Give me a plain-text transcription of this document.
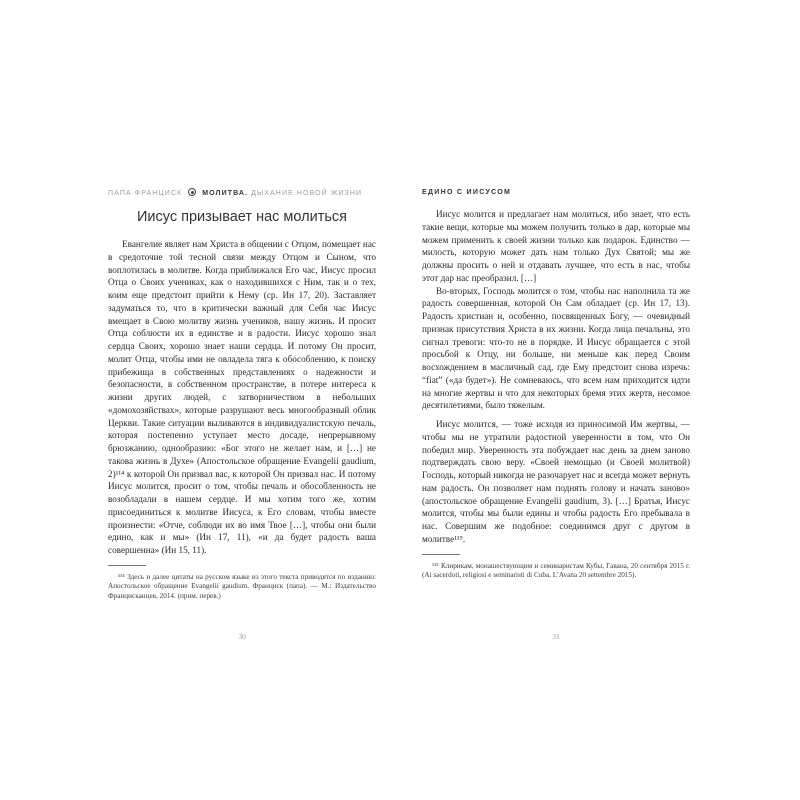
ПАПА ФРАНЦИСК	МОЛИТВА. ДЫХАНИЕ НОВОЙ ЖИЗНИ
Иисус призывает нас молиться

Евангелие являет нам Христа в общении с Отцом, помещает нас в средоточие той тесной связи между Отцом и Сыном, что воплотилась в молитве. Когда приближался Его час, Иисус просил Отца о Своих учениках, как о находившихся с Ним, так и о тех, коим еще предстоит прийти к Нему (ср. Ин 17, 20). Заставляет задуматься то, что в критически важный для Себя час Иисус вмещает в Свою молитву жизнь учеников, нашу жизнь. И просит Отца соблюсти их в единстве и в радости. Иисус хорошо знал сердца Своих, хорошо знает наши сердца. И потому Он просит, молит Отца, чтобы ими не овладела тяга к обособлению, к поиску прибежища в собственных представлениях о надежности и безопасности, в собственном пространстве, в потере интереса к жизни других людей, с затворничеством в небольших «домохозяйствах», которые разрушают весь многообразный облик Церкви. Такие ситуации выливаются в индивидуалистскую печаль, которая постепенно уступает место досаде, непрерывному брюзжанию, однообразию: «Бог этого не желает нам, и […] не такова жизнь в Духе» (Апостольское обращение Evangelii gaudium, 2)¹¹⁴ к которой Он призвал вас, к которой Он призвал нас. И потому Иисус молится, просит о том, чтобы печаль и обособленность не возобладали в нашем сердце. И мы хотим того же, хотим присоединиться к молитве Иисуса, к Его словам, чтобы вместе произнести: «Отче, соблюди их во имя Твое […], чтобы они были едино, как и мы» (Ин 17, 11), «и да будет радость ваша совершенна» (Ин 15, 11).

¹¹⁴ Здесь и далее цитаты на русском языке из этого текста приводятся по изданию: Апостольское обращение Evangelii gaudium. Франциск (папа). — М.: Издательство Францисканцев, 2014. (прим. перев.)

30
ЕДИНО С ИИСУСОМ

Иисус молится и предлагает нам молиться, ибо знает, что есть такие вещи, которые мы можем получить только в дар, которые мы можем применить к своей жизни только как подарок. Единство — милость, которую может дать нам только Дух Святой; мы же должны просить о ней и отдавать лучшее, что есть в нас, чтобы этот дар нас преобразил. […]

Во-вторых, Господь молится о том, чтобы нас наполнила та же радость совершенная, которой Он Сам обладает (ср. Ин 17, 13). Радость христиан и, особенно, посвященных Богу, — очевидный признак присутствия Христа в их жизни. Когда лица печальны, это сигнал тревоги: что-то не в порядке. И Иисус обращается с этой просьбой к Отцу, ни больше, ни меньше как перед Своим восхождением в масличный сад, где Ему предстоит снова изречь: “fiat” («да будет»). Не сомневаюсь, что всем нам приходится идти на многие жертвы и что для некоторых бремя этих жертв, несомое десятилетиями, было тяжелым.

Иисус молится, — тоже исходя из приносимой Им жертвы, — чтобы мы не утратили радостной уверенности в том, что Он победил мир. Уверенность эта побуждает нас день за днем заново подтверждать свою веру. «Своей немощью (и Своей молитвой) Господь, который никогда не разочарует нас и всегда может вернуть нам радость. Он позволяет нам поднять голову и начать заново» (апостольское обращение Evangelii gaudium, 3). […] Братья, Иисус молится, чтобы мы были едины и чтобы радость Его пребывала в нас. Совершим же подобное: соединимся друг с другом в молитве¹¹⁵.

¹¹⁵ Клирикам, монашествующим и семинаристам Кубы, Гавана, 20 сентября 2015 г. (Ai sacerdoti, religiosi e seminaristi di Cuba, L’Avana 20 settembre 2015).

31
